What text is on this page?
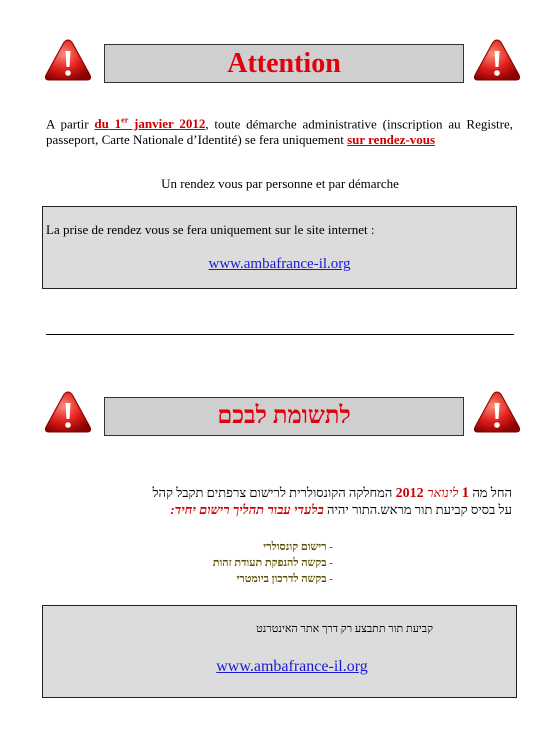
Attention
A partir du 1er janvier 2012, toute démarche administrative (inscription au Registre, passeport, Carte Nationale d’Identité) se fera uniquement sur rendez-vous
Un rendez vous par personne et par démarche
La prise de rendez vous se fera uniquement sur le site internet :
www.ambafrance-il.org
לתשומת לבכם
החל מה 1 לינואר 2012 המחלקה הקונסולרית לרישום צרפתים תקבל קהל
על בסיס קביעת תור מראש.התור יהיה בלעדי עבור תהליך רישום יחיד:
- רישום קונסולרי
- בקשה להנפקת תעודת זהות
- בקשה לדרכון ביומטרי
קביעת תור תתבצע רק דרך אתר האינטרנט
www.ambafrance-il.org
